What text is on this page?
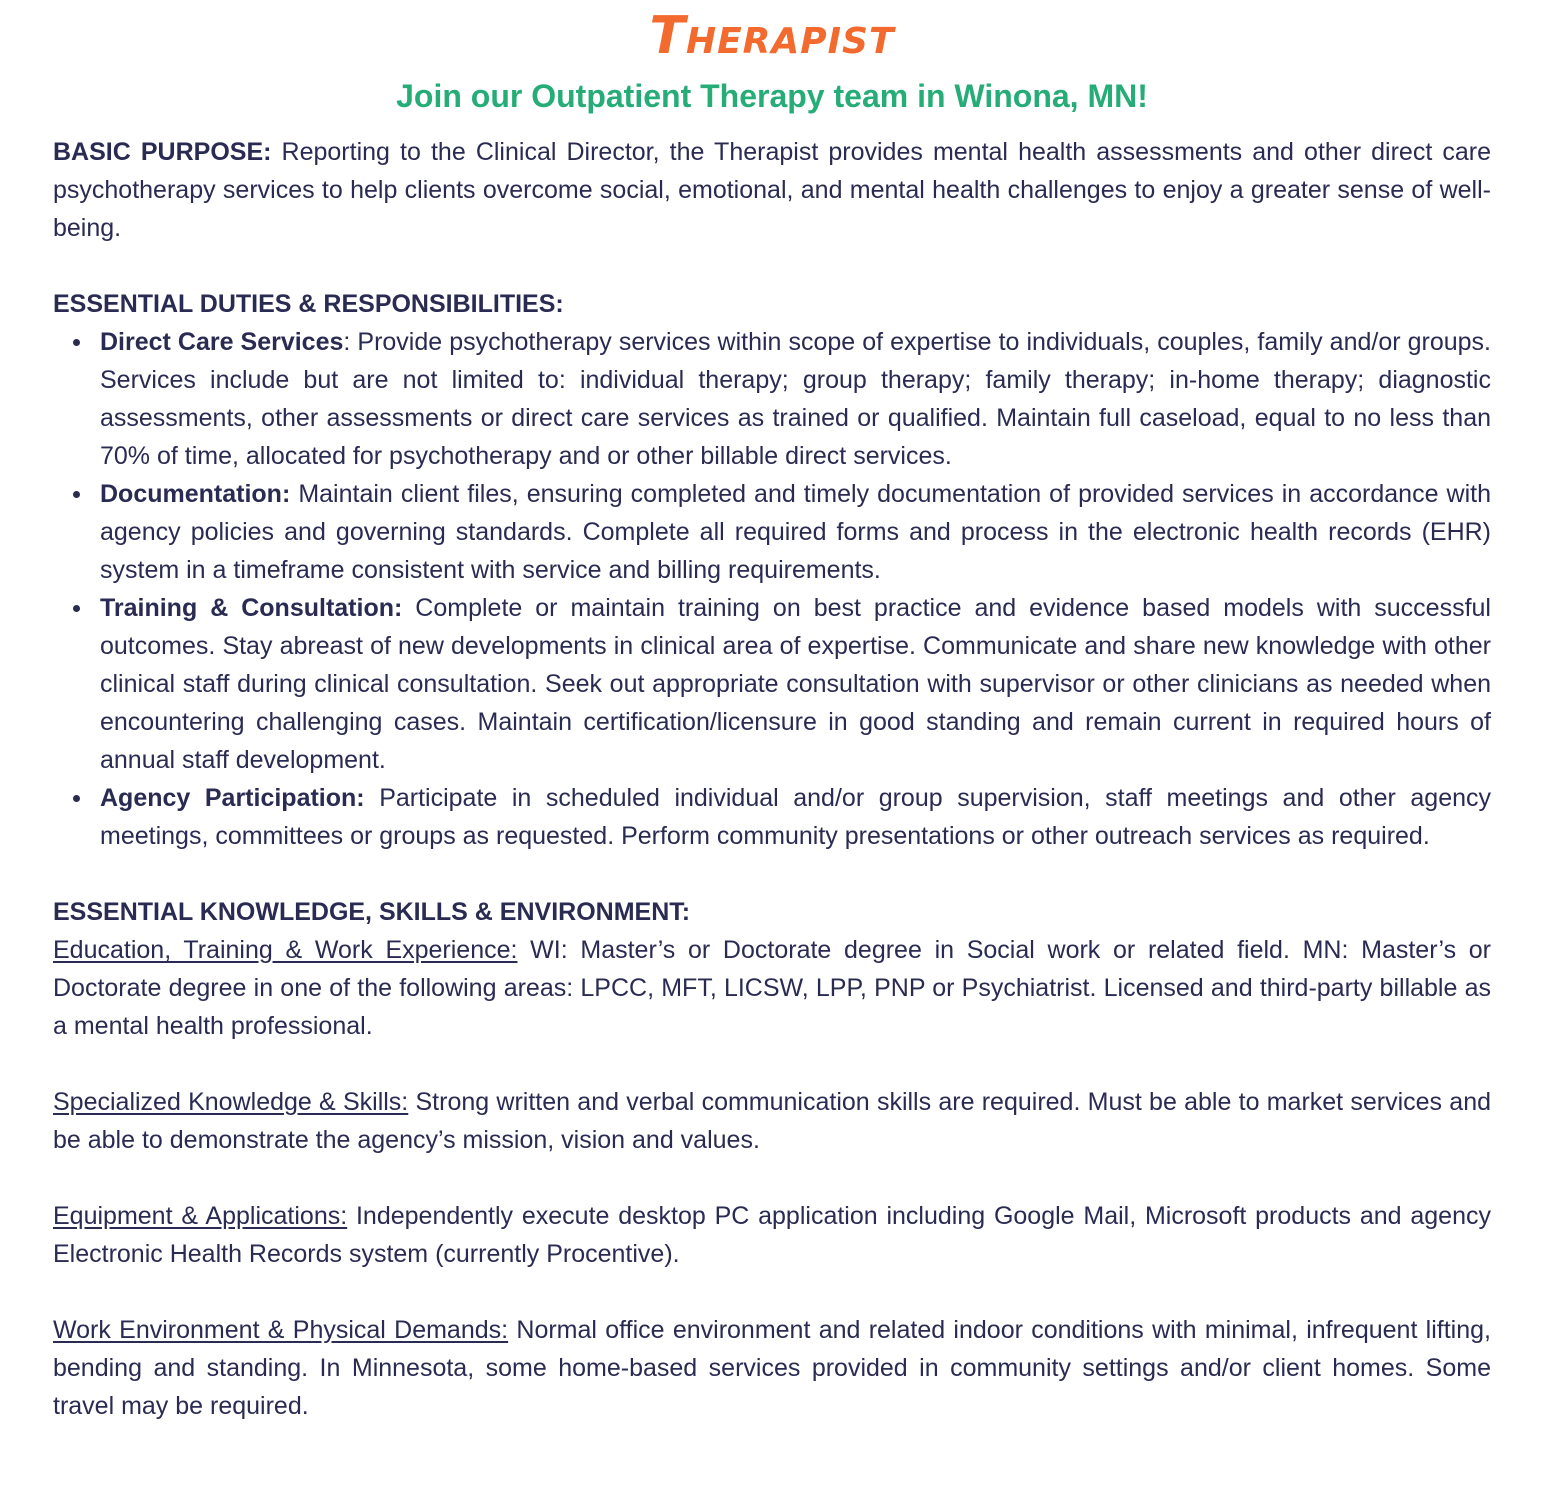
Therapist
Join our Outpatient Therapy team in Winona, MN!

BASIC PURPOSE: Reporting to the Clinical Director, the Therapist provides mental health assessments and other direct care psychotherapy services to help clients overcome social, emotional, and mental health challenges to enjoy a greater sense of well-being.

ESSENTIAL DUTIES & RESPONSIBILITIES:

Direct Care Services: Provide psychotherapy services within scope of expertise to individuals, couples, family and/or groups. Services include but are not limited to: individual therapy; group therapy; family therapy; in-home therapy; diagnostic assessments, other assessments or direct care services as trained or qualified. Maintain full caseload, equal to no less than 70% of time, allocated for psychotherapy and or other billable direct services.
Documentation: Maintain client files, ensuring completed and timely documentation of provided services in accordance with agency policies and governing standards. Complete all required forms and process in the electronic health records (EHR) system in a timeframe consistent with service and billing requirements.
Training & Consultation: Complete or maintain training on best practice and evidence based models with successful outcomes. Stay abreast of new developments in clinical area of expertise. Communicate and share new knowledge with other clinical staff during clinical consultation. Seek out appropriate consultation with supervisor or other clinicians as needed when encountering challenging cases. Maintain certification/licensure in good standing and remain current in required hours of annual staff development.
Agency Participation: Participate in scheduled individual and/or group supervision, staff meetings and other agency meetings, committees or groups as requested. Perform community presentations or other outreach services as required.

ESSENTIAL KNOWLEDGE, SKILLS & ENVIRONMENT:

Education, Training & Work Experience: WI: Master’s or Doctorate degree in Social work or related field. MN: Master’s or Doctorate degree in one of the following areas: LPCC, MFT, LICSW, LPP, PNP or Psychiatrist. Licensed and third-party billable as a mental health professional.

Specialized Knowledge & Skills: Strong written and verbal communication skills are required. Must be able to market services and be able to demonstrate the agency’s mission, vision and values.

Equipment & Applications: Independently execute desktop PC application including Google Mail, Microsoft products and agency Electronic Health Records system (currently Procentive).

Work Environment & Physical Demands: Normal office environment and related indoor conditions with minimal, infrequent lifting, bending and standing. In Minnesota, some home-based services provided in community settings and/or client homes. Some travel may be required.
